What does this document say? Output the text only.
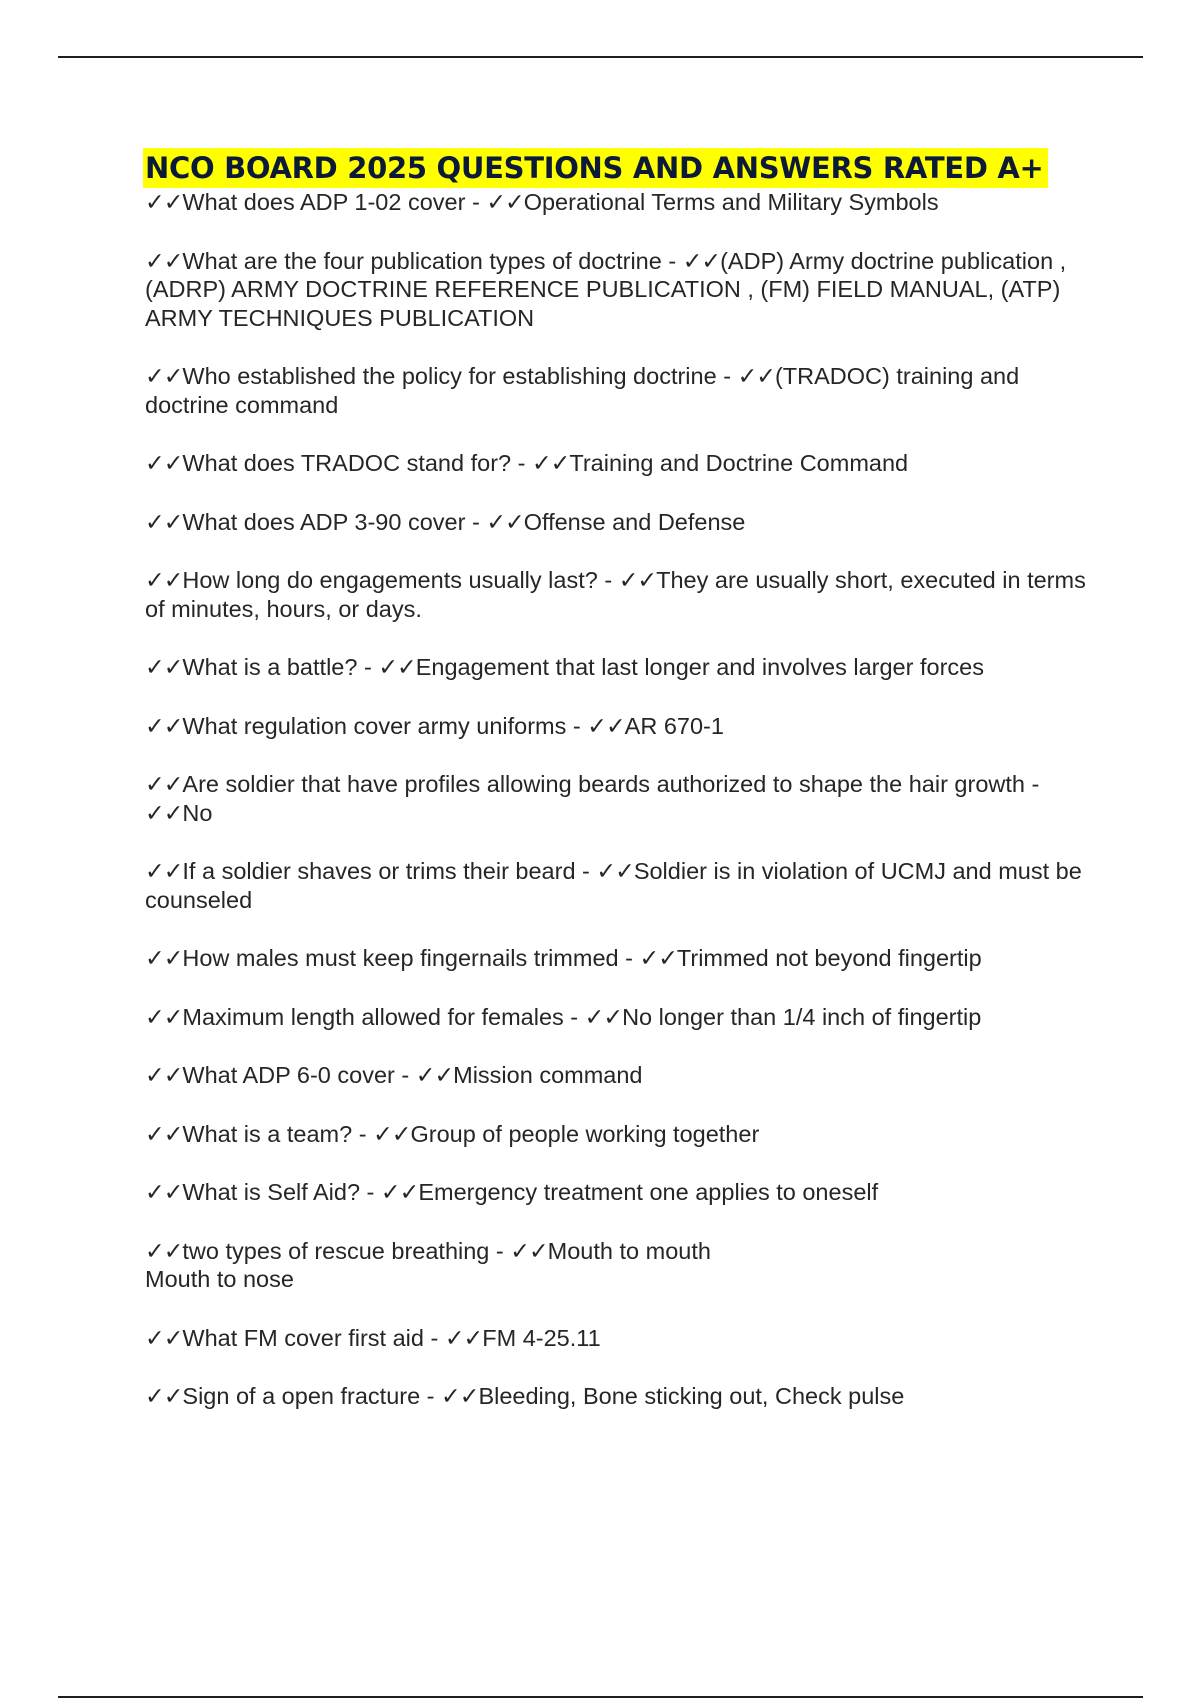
NCO BOARD 2025 QUESTIONS AND ANSWERS RATED A+
✓✓What does ADP 1-02 cover - ✓✓Operational Terms and Military Symbols
✓✓What are the four publication types of doctrine - ✓✓(ADP) Army doctrine publication , (ADRP) ARMY DOCTRINE REFERENCE PUBLICATION , (FM) FIELD MANUAL, (ATP) ARMY TECHNIQUES PUBLICATION
✓✓Who established the policy for establishing doctrine - ✓✓(TRADOC) training and doctrine command
✓✓What does TRADOC stand for? - ✓✓Training and Doctrine Command
✓✓What does ADP 3-90 cover - ✓✓Offense and Defense
✓✓How long do engagements usually last? - ✓✓They are usually short, executed in terms of minutes, hours, or days.
✓✓What is a battle? - ✓✓Engagement that last longer and involves larger forces
✓✓What regulation cover army uniforms - ✓✓AR 670-1
✓✓Are soldier that have profiles allowing beards authorized to shape the hair growth - ✓✓No
✓✓If a soldier shaves or trims their beard - ✓✓Soldier is in violation of UCMJ and must be counseled
✓✓How males must keep fingernails trimmed - ✓✓Trimmed not beyond fingertip
✓✓Maximum length allowed for females - ✓✓No longer than 1/4 inch of fingertip
✓✓What ADP 6-0 cover - ✓✓Mission command
✓✓What is a team? - ✓✓Group of people working together
✓✓What is Self Aid? - ✓✓Emergency treatment one applies to oneself
✓✓two types of rescue breathing - ✓✓Mouth to mouth
Mouth to nose
✓✓What FM cover first aid - ✓✓FM 4-25.11
✓✓Sign of a open fracture - ✓✓Bleeding, Bone sticking out, Check pulse
